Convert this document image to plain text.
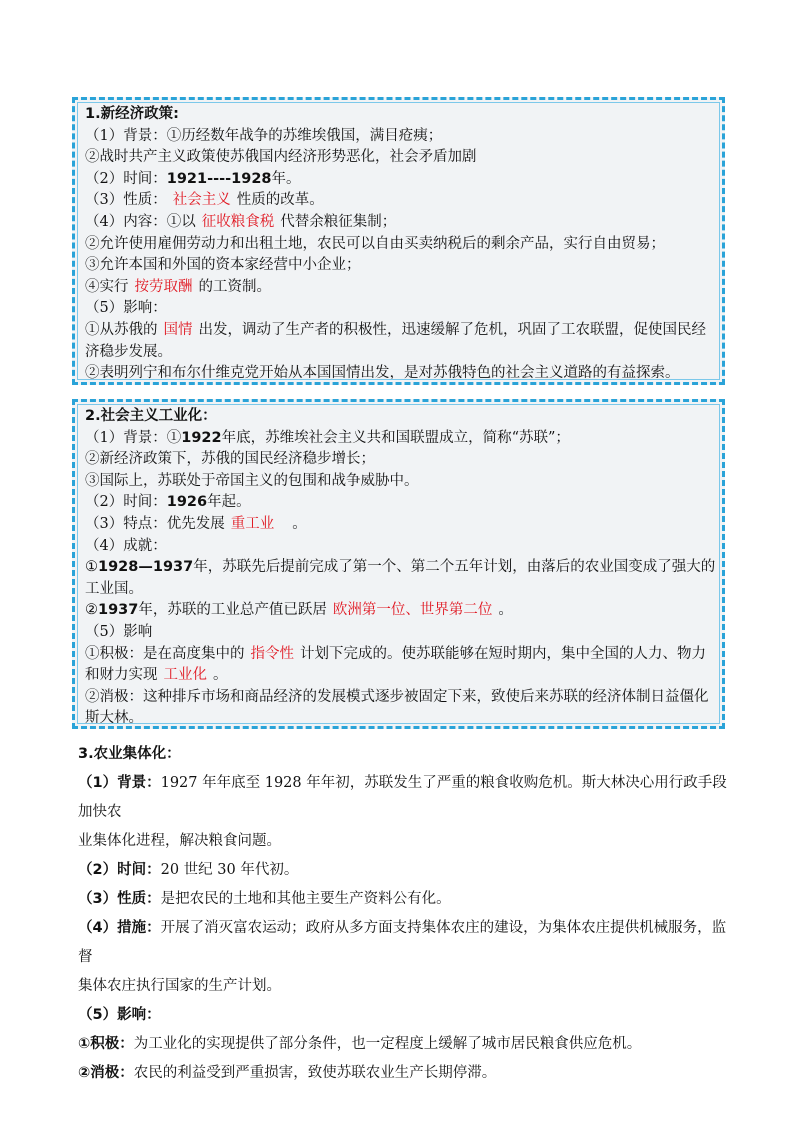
1.新经济政策:
（1）背景：①历经数年战争的苏维埃俄国，满目疮痍；
②战时共产主义政策使苏俄国内经济形势恶化，社会矛盾加剧
（2）时间：1921----1928年。
（3）性质： 社会主义 性质的改革。
（4）内容：①以 征收粮食税 代替余粮征集制；
②允许使用雇佣劳动力和出租土地，农民可以自由买卖纳税后的剩余产品，实行自由贸易；
③允许本国和外国的资本家经营中小企业；
④实行 按劳取酬 的工资制。
（5）影响：
①从苏俄的 国情 出发，调动了生产者的积极性，迅速缓解了危机，巩固了工农联盟，促使国民经
济稳步发展。
②表明列宁和布尔什维克党开始从本国国情出发，是对苏俄特色的社会主义道路的有益探索。
2.社会主义工业化：
（1）背景：①1922年底，苏维埃社会主义共和国联盟成立，简称“苏联”；
②新经济政策下，苏俄的国民经济稳步增长；
③国际上，苏联处于帝国主义的包围和战争威胁中。
（2）时间：1926年起。
（3）特点：优先发展 重工业 。
（4）成就：
①1928—1937年，苏联先后提前完成了第一个、第二个五年计划，由落后的农业国变成了强大的
工业国。
②1937年，苏联的工业总产值已跃居 欧洲第一位、世界第二位 。
（5）影响
①积极：是在高度集中的 指令性 计划下完成的。使苏联能够在短时期内，集中全国的人力、物力
和财力实现 工业化 。
②消极：这种排斥市场和商品经济的发展模式逐步被固定下来，致使后来苏联的经济体制日益僵化
斯大林。
3.农业集体化：
（1）背景：1927 年年底至 1928 年年初，苏联发生了严重的粮食收购危机。斯大林决心用行政手段加快农
业集体化进程，解决粮食问题。
（2）时间：20 世纪 30 年代初。
（3）性质：是把农民的土地和其他主要生产资料公有化。
（4）措施：开展了消灭富农运动；政府从多方面支持集体农庄的建设，为集体农庄提供机械服务，监督
集体农庄执行国家的生产计划。
（5）影响：
①积极：为工业化的实现提供了部分条件，也一定程度上缓解了城市居民粮食供应危机。
②消极：农民的利益受到严重损害，致使苏联农业生产长期停滞。
